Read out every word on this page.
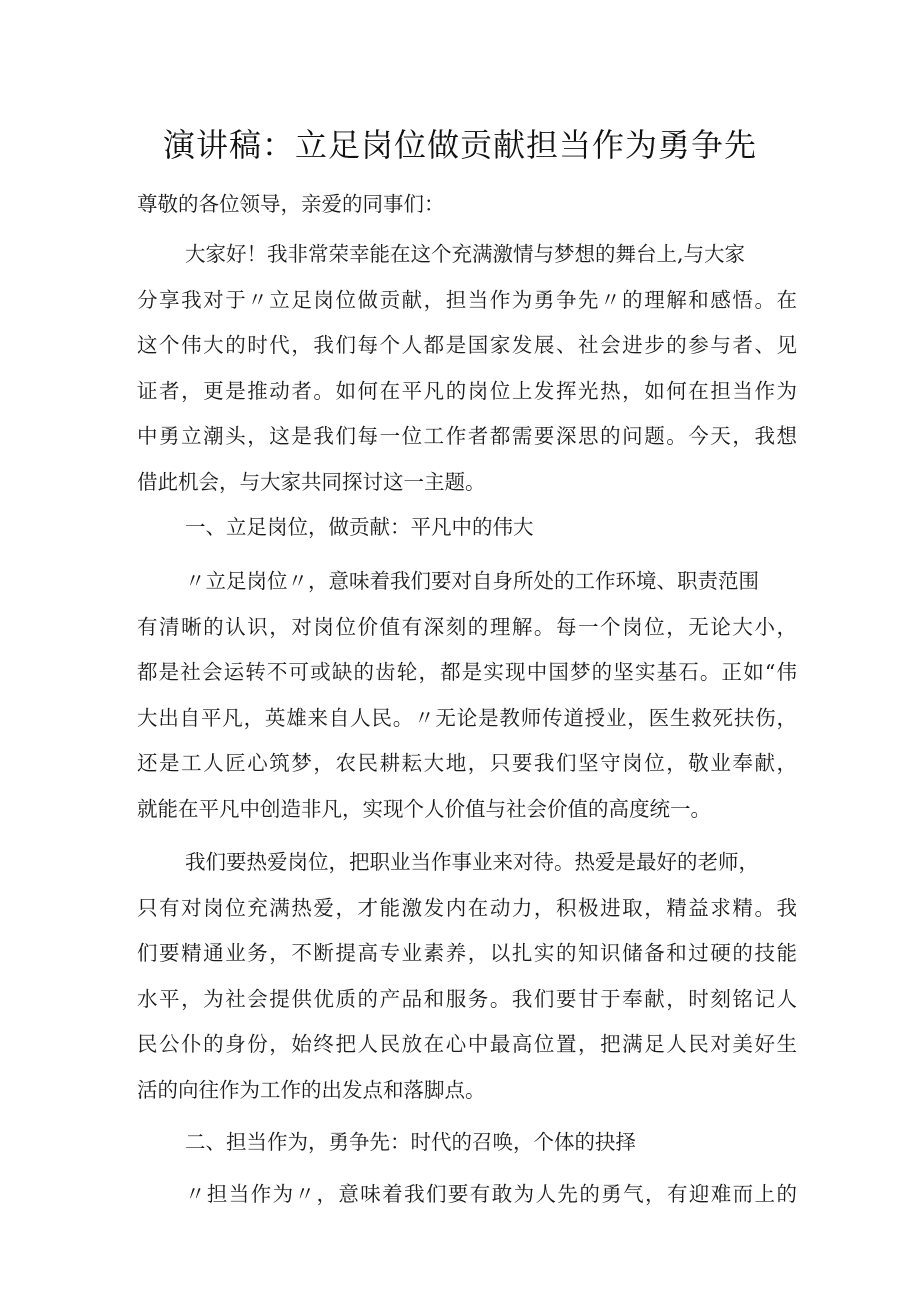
演讲稿：立足岗位做贡献担当作为勇争先
尊敬的各位领导，亲爱的同事们：
大家好！我非常荣幸能在这个充满激情与梦想的舞台上,与大家
分享我对于〃立足岗位做贡献，担当作为勇争先〃的理解和感悟。在
这个伟大的时代，我们每个人都是国家发展、社会进步的参与者、见
证者，更是推动者。如何在平凡的岗位上发挥光热，如何在担当作为
中勇立潮头，这是我们每一位工作者都需要深思的问题。今天，我想
借此机会，与大家共同探讨这一主题。
一、立足岗位，做贡献：平凡中的伟大
〃立足岗位〃，意味着我们要对自身所处的工作环境、职责范围
有清晰的认识，对岗位价值有深刻的理解。每一个岗位，无论大小，
都是社会运转不可或缺的齿轮，都是实现中国梦的坚实基石。正如“伟
大出自平凡，英雄来自人民。〃无论是教师传道授业，医生救死扶伤，
还是工人匠心筑梦，农民耕耘大地，只要我们坚守岗位，敬业奉献，
就能在平凡中创造非凡，实现个人价值与社会价值的高度统一。
我们要热爱岗位，把职业当作事业来对待。热爱是最好的老师，
只有对岗位充满热爱，才能激发内在动力，积极进取，精益求精。我
们要精通业务，不断提高专业素养，以扎实的知识储备和过硬的技能
水平，为社会提供优质的产品和服务。我们要甘于奉献，时刻铭记人
民公仆的身份，始终把人民放在心中最高位置，把满足人民对美好生
活的向往作为工作的出发点和落脚点。
二、担当作为，勇争先：时代的召唤，个体的抉择
〃担当作为〃，意味着我们要有敢为人先的勇气，有迎难而上的
